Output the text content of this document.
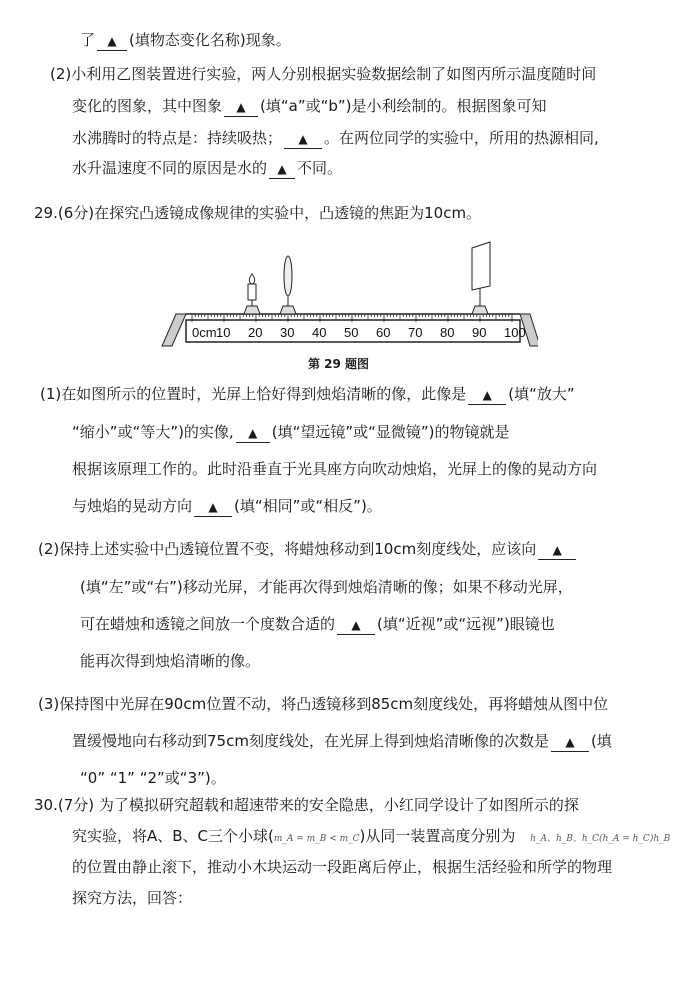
了 ▲ (填物态变化名称)现象。
(2)小利用乙图装置进行实验，两人分别根据实验数据绘制了如图丙所示温度随时间
变化的图象，其中图象 ▲ (填“a”或“b”)是小利绘制的。根据图象可知
水沸腾时的特点是：持续吸热； ▲ 。在两位同学的实验中，所用的热源相同,
水升温速度不同的原因是水的 ▲ 不同。
29.(6分)在探究凸透镜成像规律的实验中，凸透镜的焦距为10cm。
0cm 10 20 30 40 50 60 70 80 90 100
第 29 题图
(1)在如图所示的位置时，光屏上恰好得到烛焰清晰的像，此像是 ▲ (填“放大”
“缩小”或“等大”)的实像, ▲ (填“望远镜”或“显微镜”)的物镜就是
根据该原理工作的。此时沿垂直于光具座方向吹动烛焰，光屏上的像的晃动方向
与烛焰的晃动方向 ▲ (填“相同”或“相反”)。
(2)保持上述实验中凸透镜位置不变，将蜡烛移动到10cm刻度线处，应该向 ▲
(填“左”或“右”)移动光屏，才能再次得到烛焰清晰的像；如果不移动光屏，
可在蜡烛和透镜之间放一个度数合适的 ▲ (填“近视”或“远视”)眼镜也
能再次得到烛焰清晰的像。
(3)保持图中光屏在90cm位置不动，将凸透镜移到85cm刻度线处，再将蜡烛从图中位
置缓慢地向右移动到75cm刻度线处，在光屏上得到烛焰清晰像的次数是 ▲ (填
“0” “1” “2”或“3”)。
30.(7分) 为了模拟研究超载和超速带来的安全隐患，小红同学设计了如图所示的探
究实验，将A、B、C三个小球(m_A = m_B < m_C)从同一装置高度分别为 h_A、h_B、h_C(h_A = h_C)h_B
的位置由静止滚下，推动小木块运动一段距离后停止，根据生活经验和所学的物理
探究方法，回答：
